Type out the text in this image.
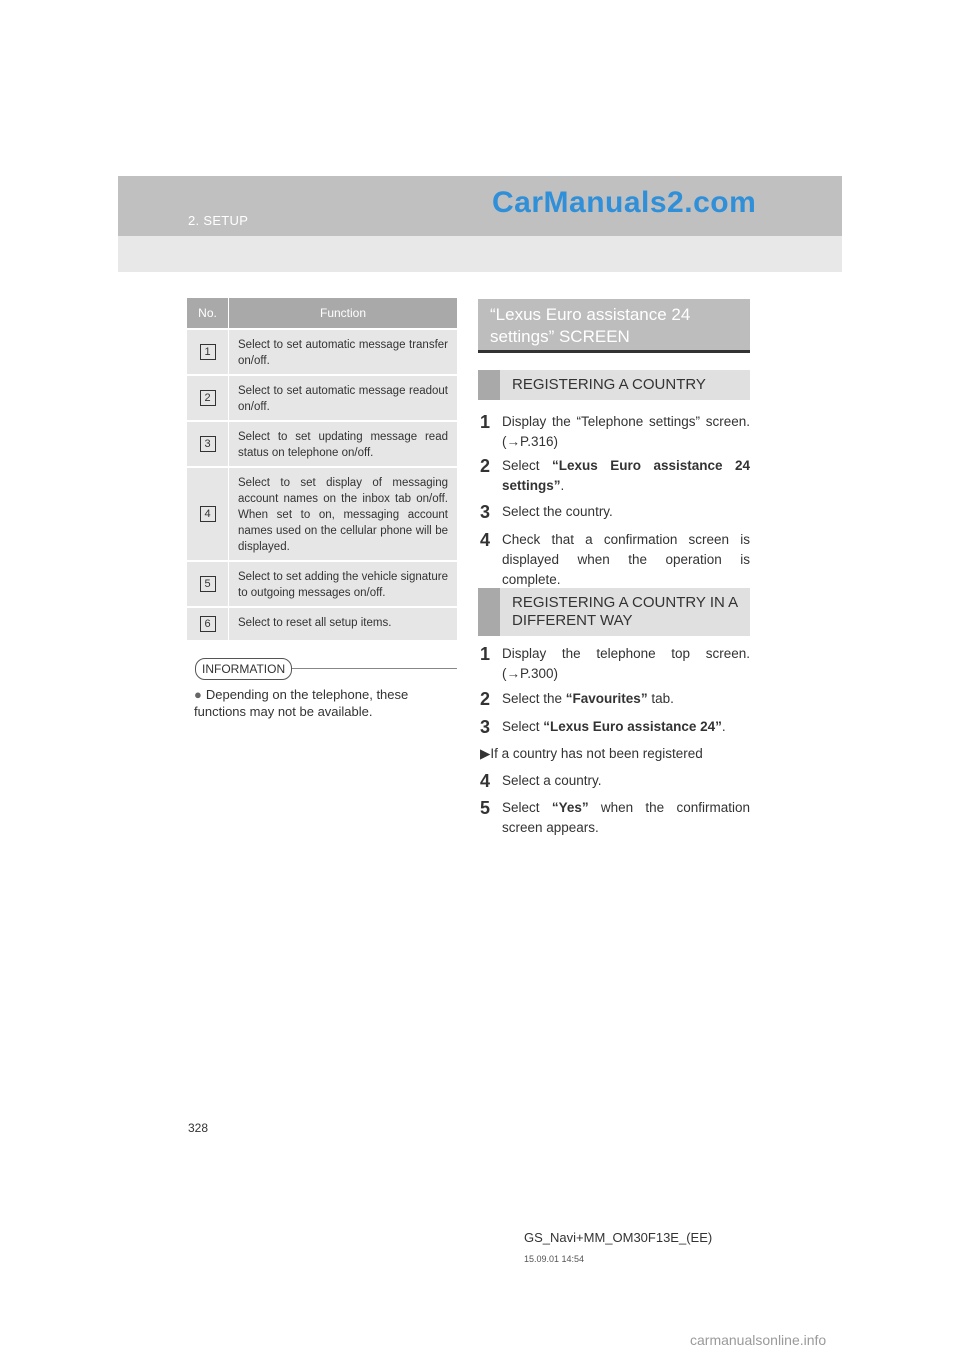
2. SETUP
CarManuals2.com
No.	Function
1
Select to set automatic message transfer on/off.
2
Select to set automatic message readout on/off.
3
Select to set updating message read status on telephone on/off.
4
Select to set display of messaging account names on the inbox tab on/off. When set to on, messaging account names used on the cellular phone will be displayed.
5
Select to set adding the vehicle signature to outgoing messages on/off.
6	Select to reset all setup items.
INFORMATION
● Depending on the telephone, these functions may not be available.
“Lexus Euro assistance 24 settings” SCREEN
REGISTERING A COUNTRY
1 Display the “Telephone settings” screen. (→P.316)
2 Select “Lexus Euro assistance 24 settings”.
3 Select the country.
4 Check that a confirmation screen is displayed when the operation is complete.
REGISTERING A COUNTRY IN A DIFFERENT WAY
1 Display the telephone top screen. (→P.300)
2 Select the “Favourites” tab.
3 Select “Lexus Euro assistance 24”.
▶If a country has not been registered
4 Select a country.
5 Select “Yes” when the confirmation screen appears.
328
GS_Navi+MM_OM30F13E_(EE)
15.09.01 14:54
carmanualsonline.info
